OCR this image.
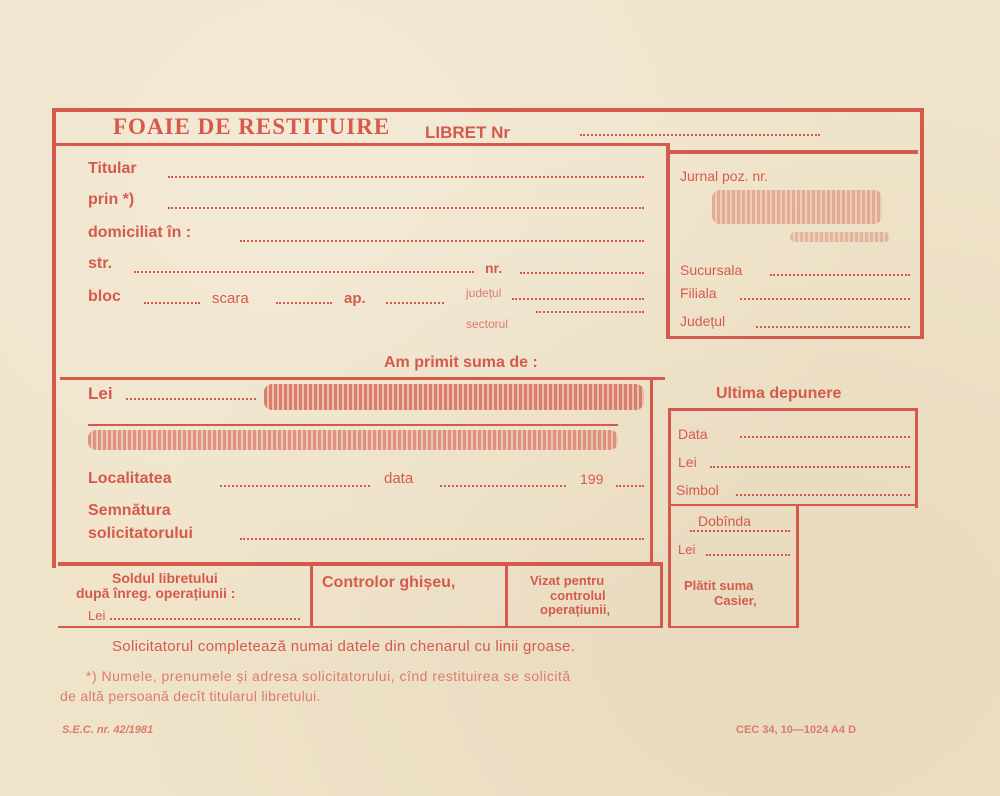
FOAIE DE RESTITUIRE LIBRET Nr
Titular
prin *)
domiciliat în :
str.	nr.
bloc	scara	ap.	județul
sectorul
Jurnal poz. nr.
Sucursala
Filiala
Județul
Am primit suma de :
Lei
Localitatea	data	199
Semnătura
solicitatorului
Soldul libretului
după înreg. operațiunii :
Lei
Controlor ghișeu,	Vizat pentru
controlul
operațiunii,
Ultima depunere
Data
Lei
Simbol
Dobînda
Lei
Plătit suma
Casier,
Solicitatorul completează numai datele din chenarul cu linii groase.
*) Numele, prenumele și adresa solicitatorului, cînd restituirea se solicită
de altă persoană decît titularul libretului.
S.E.C. nr. 42/1981	CEC 34, 10—1024 A4 D
